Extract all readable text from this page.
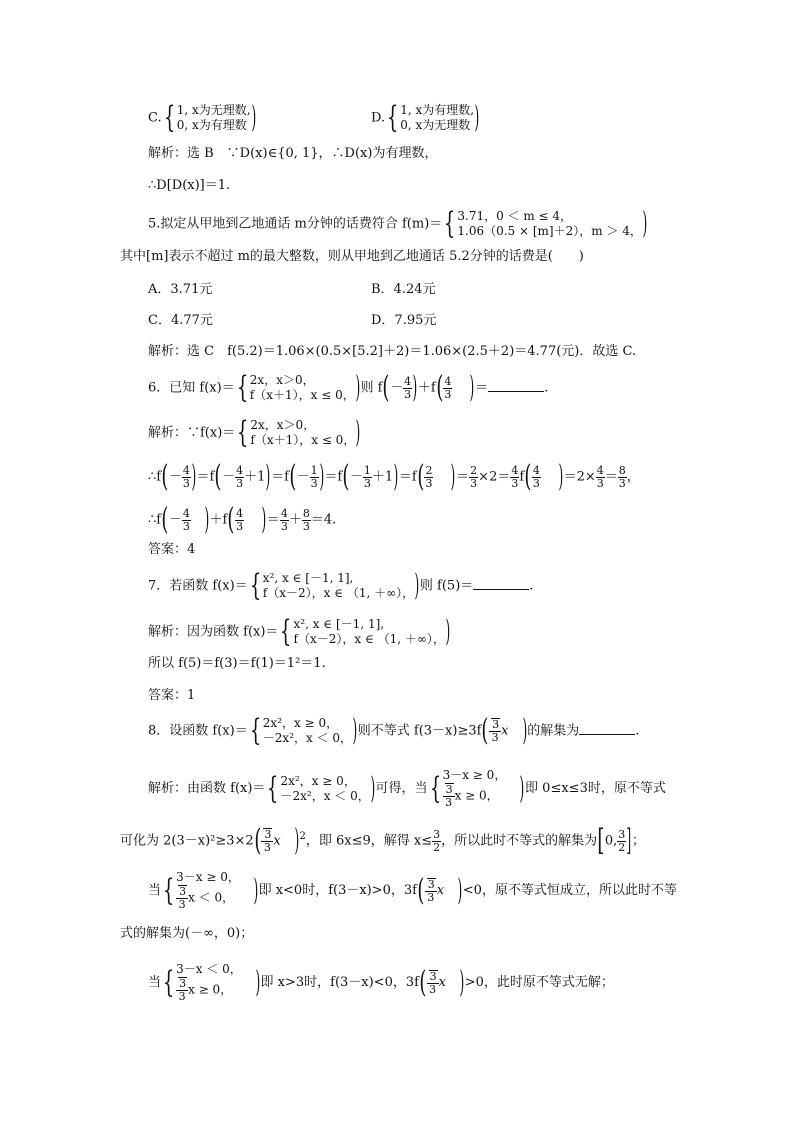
C.{ 1, x为无理数,
0, x为有理数 )	D.{ 1, x为有理数,
0, x为无理数 )
解析：选 B　∵D(x)∈{0, 1}，∴D(x)为有理数，
∴D[D(x)]＝1.
5.拟定从甲地到乙地通话 m分钟的话费符合 f(m)＝{ 3.71，0 ＜ m ≤ 4，
1.06（0.5 × [m]＋2），m ＞ 4， )
其中[m]表示不超过 m的最大整数，则从甲地到乙地通话 5.2分钟的话费是(　　)
A．3.71元	B．4.24元
C．4.77元	D．7.95元
解析：选 C　f(5.2)＝1.06×(0.5×[5.2]＋2)＝1.06×(2.5＋2)＝4.77(元)．故选 C.
6．已知 f(x)＝{ 2x，x＞0，
f（x＋1），x ≤ 0， )则 $f(- \frac{4}{3} )+f( \frac{4}{3}$ )＝	.
解析：∵f(x)＝{ 2x，x＞0，
f（x＋1），x ≤ 0， )
∴f(－ $\frac{4}{3} )=f(- \frac{4}{3} +1)=f(- \frac{1}{3} )=f(- \frac{1}{3} +1)=f( \frac{2}{3}$ )＝ $\frac{2}{3} \times 2= \frac{4}{3} f( \frac{4}{3} )=2\times \frac{4}{3} = \frac{8}{3}$ ，
∴f(－ $\frac{4}{3} )+f( \frac{4}{3}$ )＝ $\frac{4}{3} + \frac{8}{3} =4$.
答案：4
7．若函数 f(x)＝{ x², x ∈ [－1, 1],
f（x－2），x ∈ （1, ＋∞）， )则 f(5)＝	.
解析：因为函数 f(x)＝{ x², x ∈ [－1, 1],
f（x－2），x ∈ （1, ＋∞）， )
所以 f(5)＝f(3)＝f(1)＝1²＝1.
答案：1
8．设函数 f(x)＝{ 2x²，x ≥ 0，
－2x²，x ＜ 0， )则不等式 $f(3-x)\ge 3f( \frac{3}{3}$ x )的解集为	.
解析：由函数 f(x)＝{ 2x²，x ≥ 0，
－2x²，x ＜ 0， )可得，当{ 3－x ≥ 0，
$\frac{3}{3}$ x ≥ 0， )即 0≤x≤3时，原不等式
可化为 $2(3-x)^2\ge 3\times 2( \frac{3}{3}$ x )$^2$，即 6x≤9，解得 $x\le \frac{3}{2}$ ，所以此时不等式的解集为[0, $\frac{3}{2}$ ]；
当{ 3－x ≥ 0，
$\frac{3}{3}$ x ＜ 0， )即 x<0时，f(3－x)>0，$3f( \frac{3}{3}$ x )<0，原不等式恒成立，所以此时不等
式的解集为(－∞，0)；
当{ 3－x ＜ 0，
$\frac{3}{3}$ x ≥ 0， )即 x>3时，f(3－x)<0，$3f( \frac{3}{3}$ x )>0，此时原不等式无解；
